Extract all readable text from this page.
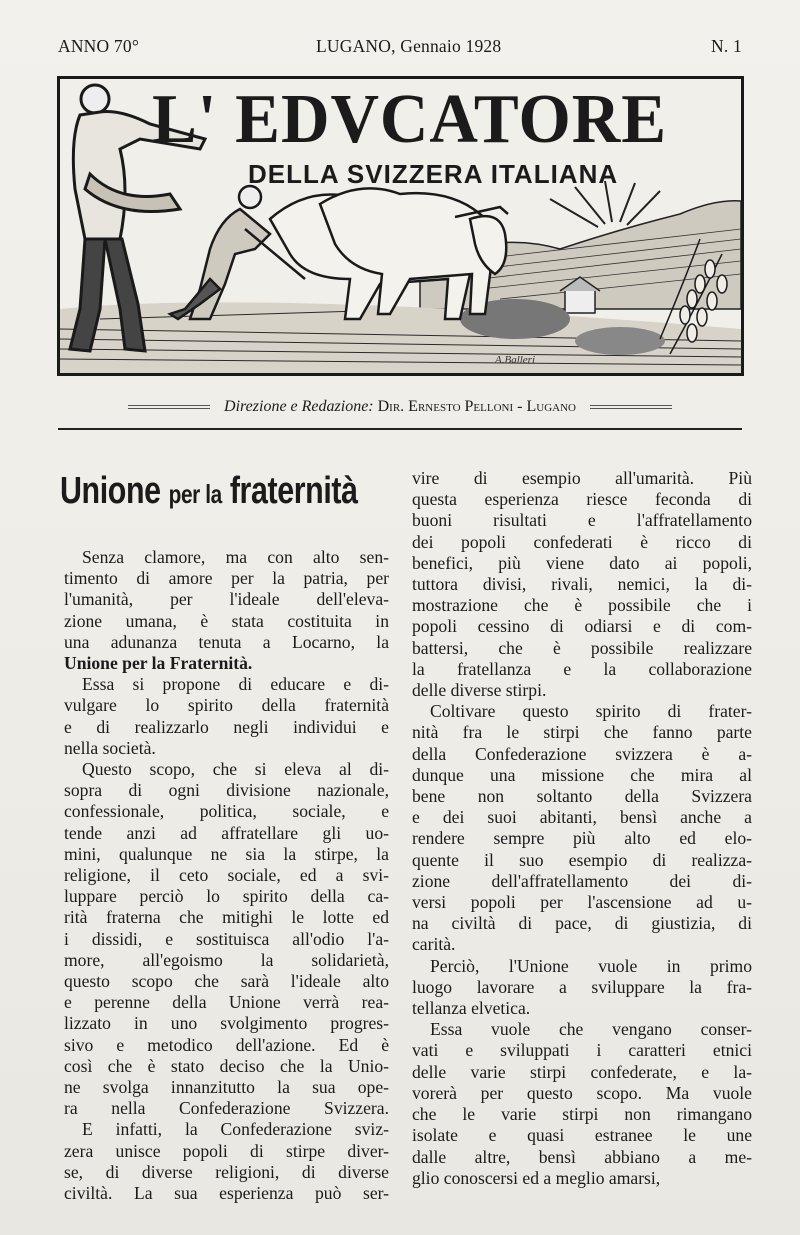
ANNO 70°	LUGANO, Gennaio 1928	N. 1
A.Balleri
L' EDVCATORE
DELLA SVIZZERA ITALIANA
Direzione e Redazione: Dir. Ernesto Pelloni - Lugano
Unione per la fraternità

Senza clamore, ma con alto sen-
timento di amore per la patria, per
l'umanità, per l'ideale dell'eleva-
zione umana, è stata costituita in
una adunanza tenuta a Locarno, la
Unione per la Fraternità.

Essa si propone di educare e di-
vulgare lo spirito della fraternità
e di realizzarlo negli individui e
nella società.

Questo scopo, che si eleva al di-
sopra di ogni divisione nazionale,
confessionale, politica, sociale, e
tende anzi ad affratellare gli uo-
mini, qualunque ne sia la stirpe, la
religione, il ceto sociale, ed a svi-
luppare perciò lo spirito della ca-
rità fraterna che mitighi le lotte ed
i dissidi, e sostituisca all'odio l'a-
more, all'egoismo la solidarietà,
questo scopo che sarà l'ideale alto
e perenne della Unione verrà rea-
lizzato in uno svolgimento progres-
sivo e metodico dell'azione. Ed è
così che è stato deciso che la Unio-
ne svolga innanzitutto la sua ope-
ra nella Confederazione Svizzera.

E infatti, la Confederazione sviz-
zera unisce popoli di stirpe diver-
se, di diverse religioni, di diverse
civiltà. La sua esperienza può ser-

vire di esempio all'umarità. Più
questa esperienza riesce feconda di
buoni risultati e l'affratellamento
dei popoli confederati è ricco di
benefici, più viene dato ai popoli,
tuttora divisi, rivali, nemici, la di-
mostrazione che è possibile che i
popoli cessino di odiarsi e di com-
battersi, che è possibile realizzare
la fratellanza e la collaborazione
delle diverse stirpi.

Coltivare questo spirito di frater-
nità fra le stirpi che fanno parte
della Confederazione svizzera è a-
dunque una missione che mira al
bene non soltanto della Svizzera
e dei suoi abitanti, bensì anche a
rendere sempre più alto ed elo-
quente il suo esempio di realizza-
zione dell'affratellamento dei di-
versi popoli per l'ascensione ad u-
na civiltà di pace, di giustizia, di
carità.

Perciò, l'Unione vuole in primo
luogo lavorare a sviluppare la fra-
tellanza elvetica.

Essa vuole che vengano conser-
vati e sviluppati i caratteri etnici
delle varie stirpi confederate, e la-
vorerà per questo scopo. Ma vuole
che le varie stirpi non rimangano
isolate e quasi estranee le une
dalle altre, bensì abbiano a me-
glio conoscersi ed a meglio amarsi,
